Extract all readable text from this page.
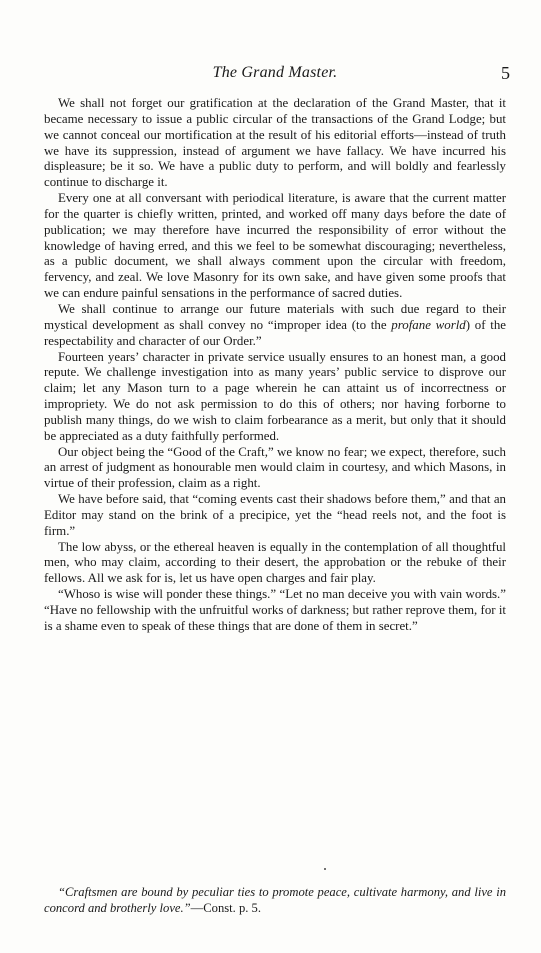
The Grand Master.	5

We shall not forget our gratification at the declaration of the Grand Master, that it became necessary to issue a public circular of the transactions of the Grand Lodge; but we cannot conceal our mortification at the result of his editorial efforts—instead of truth we have its suppression, instead of argument we have fallacy. We have incurred his displeasure; be it so. We have a public duty to perform, and will boldly and fearlessly continue to discharge it.

Every one at all conversant with periodical literature, is aware that the current matter for the quarter is chiefly written, printed, and worked off many days before the date of publication; we may therefore have incurred the responsibility of error without the knowledge of having erred, and this we feel to be somewhat discouraging; nevertheless, as a public document, we shall always comment upon the circular with freedom, fervency, and zeal. We love Masonry for its own sake, and have given some proofs that we can endure painful sensations in the performance of sacred duties.

We shall continue to arrange our future materials with such due regard to their mystical development as shall convey no “improper idea (to the profane world) of the respectability and character of our Order.”

Fourteen years’ character in private service usually ensures to an honest man, a good repute. We challenge investigation into as many years’ public service to disprove our claim; let any Mason turn to a page wherein he can attaint us of incorrectness or impropriety. We do not ask permission to do this of others; nor having forborne to publish many things, do we wish to claim forbearance as a merit, but only that it should be appreciated as a duty faithfully performed.

Our object being the “Good of the Craft,” we know no fear; we expect, therefore, such an arrest of judgment as honourable men would claim in courtesy, and which Masons, in virtue of their profession, claim as a right.

We have before said, that “coming events cast their shadows before them,” and that an Editor may stand on the brink of a precipice, yet the “head reels not, and the foot is firm.”

The low abyss, or the ethereal heaven is equally in the contemplation of all thoughtful men, who may claim, according to their desert, the approbation or the rebuke of their fellows. All we ask for is, let us have open charges and fair play.

“Whoso is wise will ponder these things.” “Let no man deceive you with vain words.” “Have no fellowship with the unfruitful works of darkness; but rather reprove them, for it is a shame even to speak of these things that are done of them in secret.”

“Craftsmen are bound by peculiar ties to promote peace, cultivate harmony, and live in concord and brotherly love.”—Const. p. 5.
